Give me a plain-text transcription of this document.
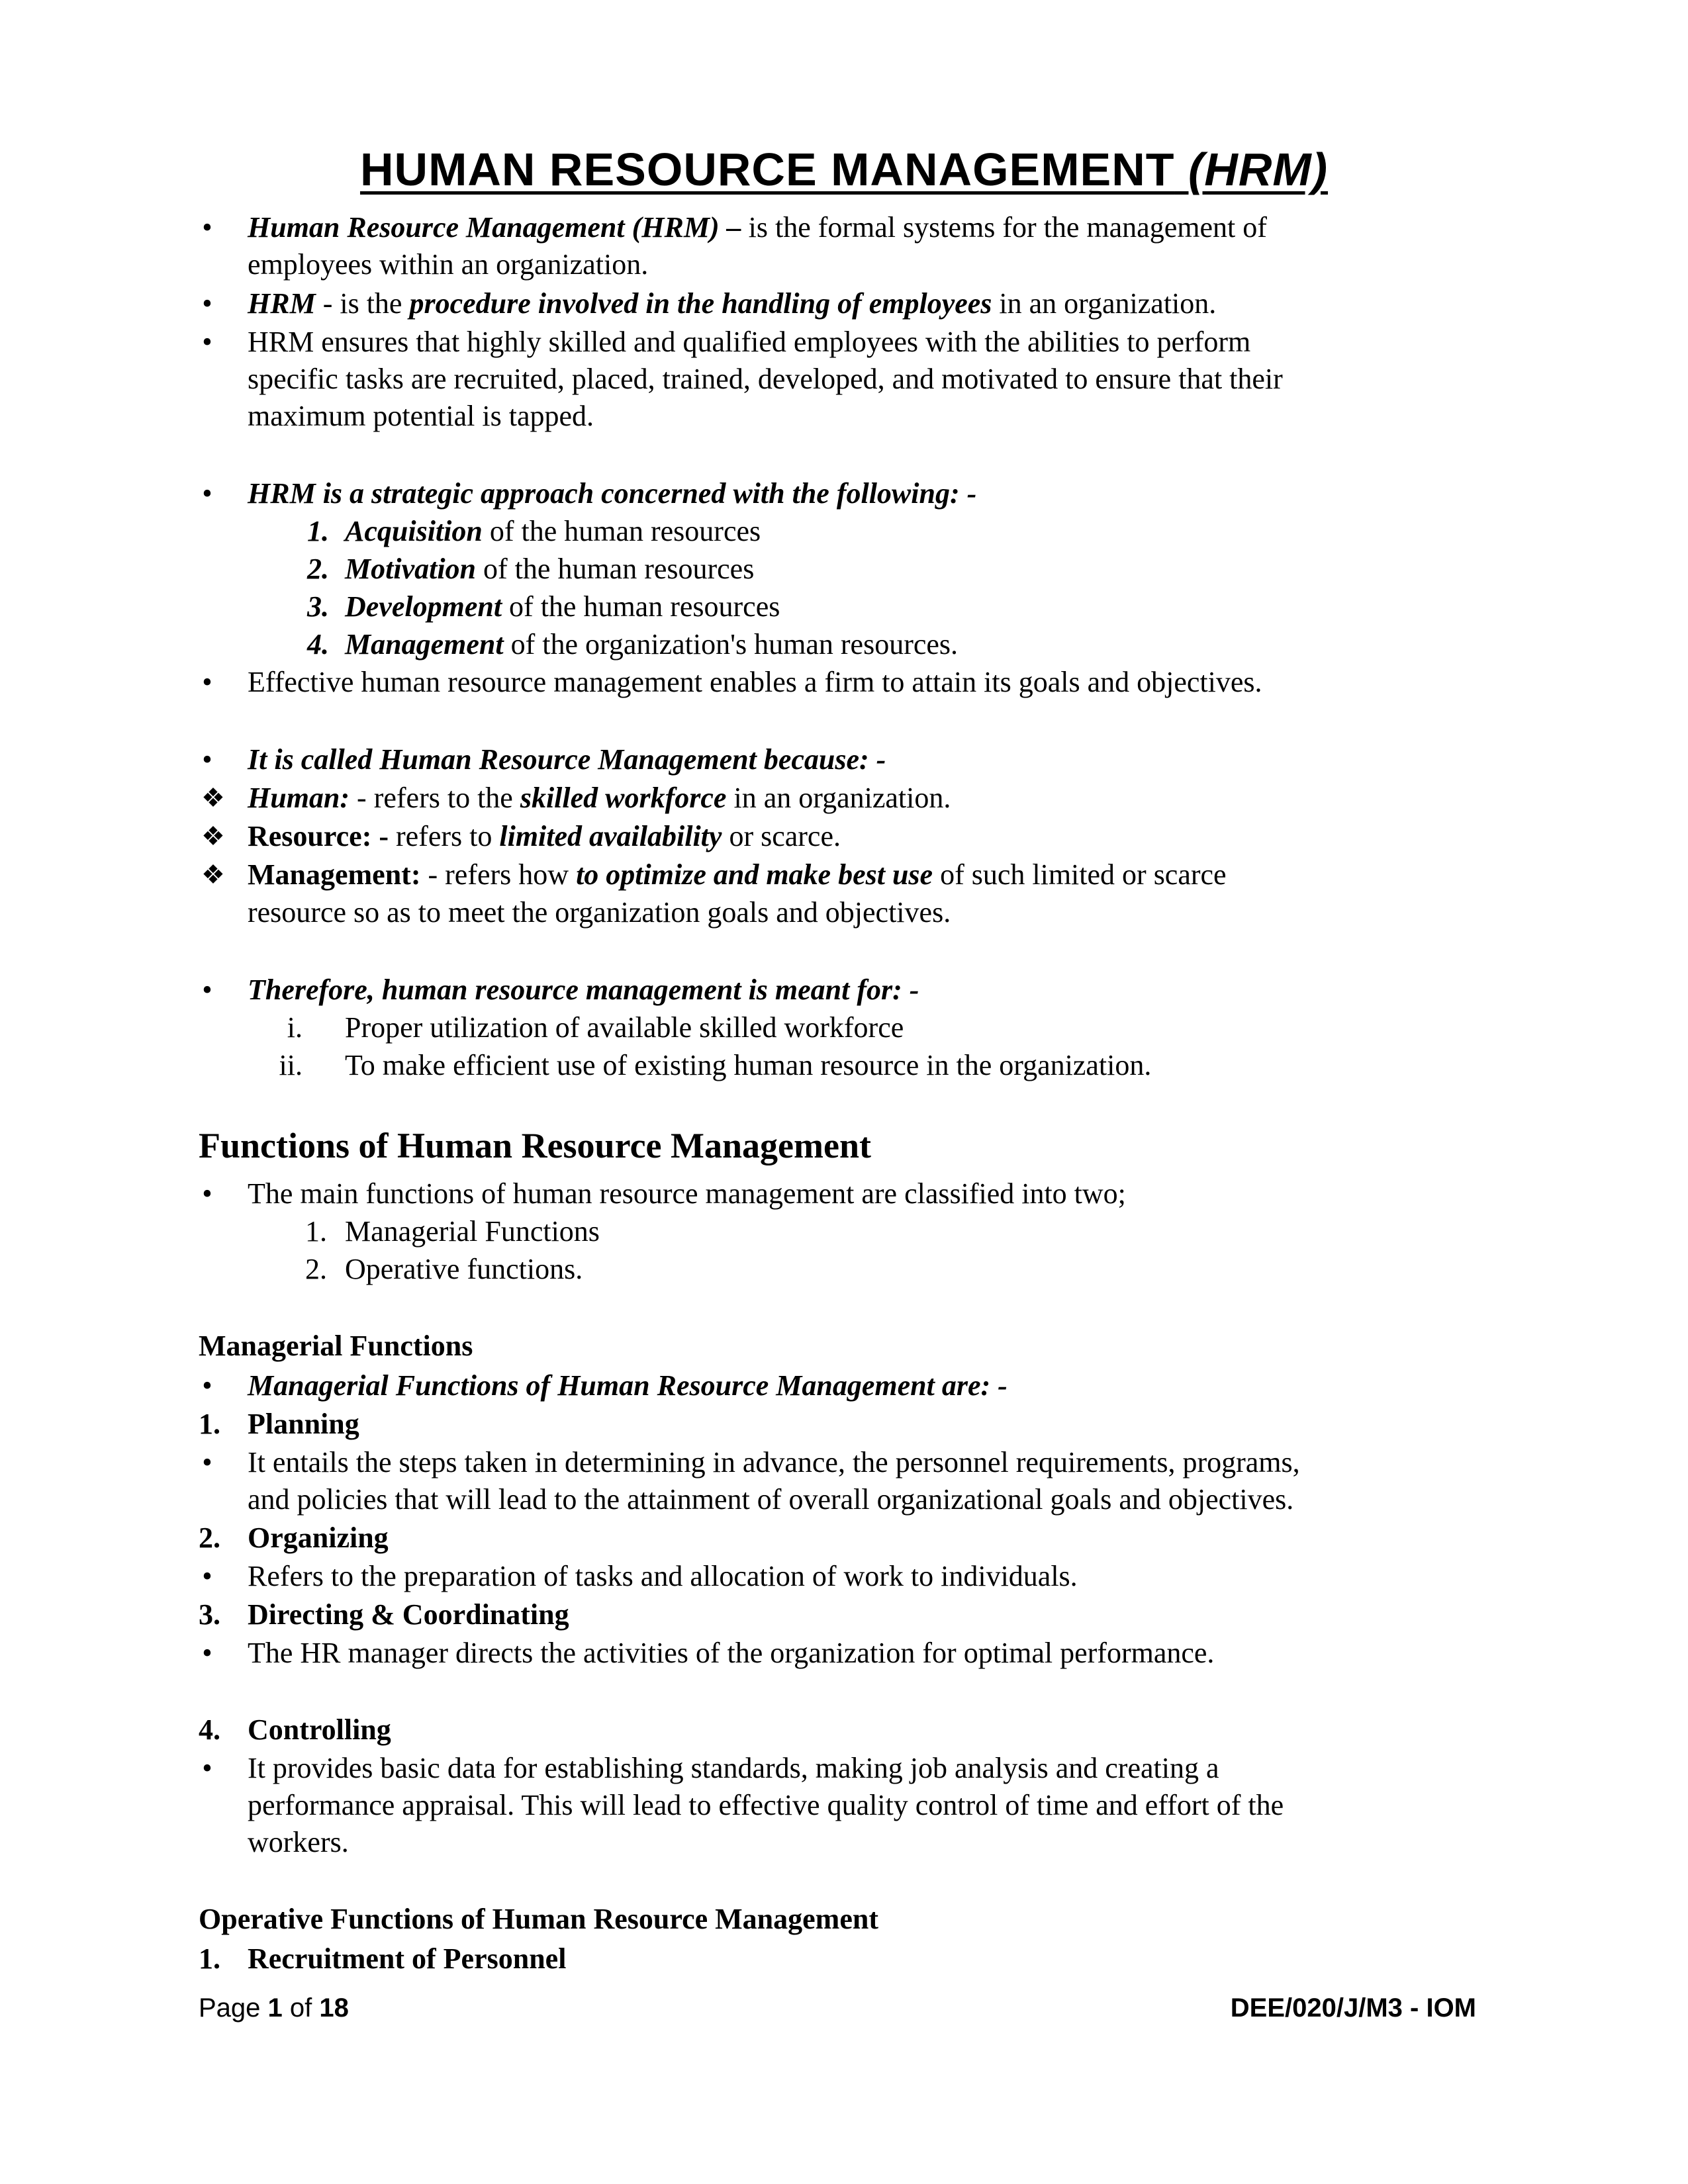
HUMAN RESOURCE MANAGEMENT (HRM)
• Human Resource Management (HRM) – is the formal systems for the management of
employees within an organization.
• HRM - is the procedure involved in the handling of employees in an organization.
• HRM ensures that highly skilled and qualified employees with the abilities to perform
specific tasks are recruited, placed, trained, developed, and motivated to ensure that their
maximum potential is tapped.
• HRM is a strategic approach concerned with the following: -
1. Acquisition of the human resources
2. Motivation of the human resources
3. Development of the human resources
4. Management of the organization's human resources.
• Effective human resource management enables a firm to attain its goals and objectives.
• It is called Human Resource Management because: -
❖ Human: - refers to the skilled workforce in an organization.
❖ Resource: - refers to limited availability or scarce.
❖ Management: - refers how to optimize and make best use of such limited or scarce
resource so as to meet the organization goals and objectives.
• Therefore, human resource management is meant for: -
i. Proper utilization of available skilled workforce
ii. To make efficient use of existing human resource in the organization.
Functions of Human Resource Management
• The main functions of human resource management are classified into two;
1. Managerial Functions
2. Operative functions.
Managerial Functions
• Managerial Functions of Human Resource Management are: -
1. Planning
• It entails the steps taken in determining in advance, the personnel requirements, programs,
and policies that will lead to the attainment of overall organizational goals and objectives.
2. Organizing
• Refers to the preparation of tasks and allocation of work to individuals.
3. Directing & Coordinating
• The HR manager directs the activities of the organization for optimal performance.
4. Controlling
• It provides basic data for establishing standards, making job analysis and creating a
performance appraisal. This will lead to effective quality control of time and effort of the
workers.
Operative Functions of Human Resource Management
1. Recruitment of Personnel
Page 1 of 18	DEE/020/J/M3 - IOM
